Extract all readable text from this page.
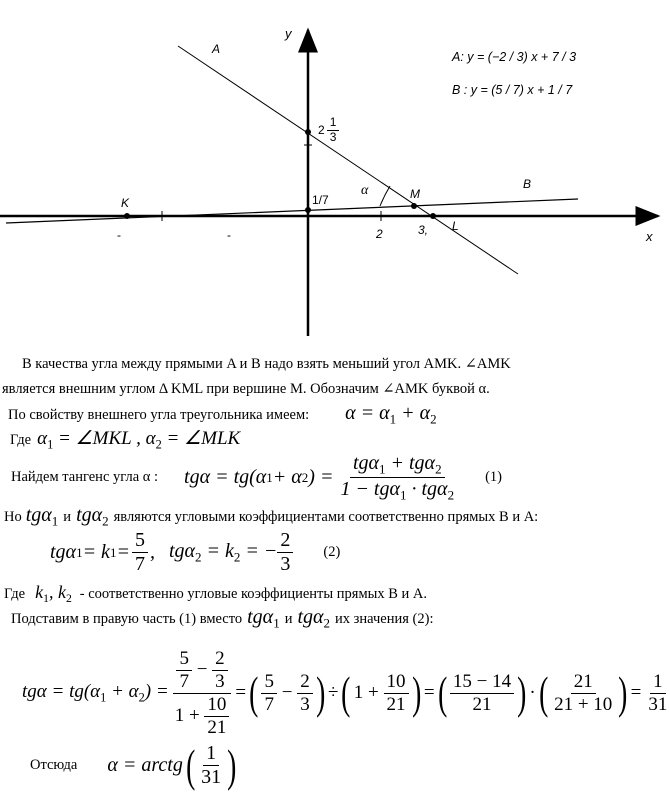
y
x
A
B
A: y = (−2 / 3) x + 7 / 3
B : y = (5 / 7) x + 1 / 7
K
M
L
α
1/7
$2 \frac{1}{3}$
2	3,
-	-
В качества угла между прямыми A и B надо взять меньший угол AMK. ∠AMK
является внешним углом Δ KML при вершине M. Обозначим ∠AMK буквой α.
По свойству внешнего угла треугольника имеем: $\alpha = \alpha_1 + \alpha_2$
Где $\alpha_1$ = ∠MKL , $\alpha_2$ = ∠MLK
Найдем тангенс угла α : tgα = tg(α 1 + α 2 ) = $\frac{tg\alpha_1 + tg\alpha_2}{1 - tg\alpha_1 \cdot tg\alpha_2} (1)$
Но tgα$_1$ и tgα$_2$ являются угловыми коэффициентами соответственно прямых B и A:
tgα 1 = k $1 = \frac{5}{7}$ , $tg\alpha_2 = k_2$ = − $\frac{2}{3} (2)$
Где $k_1$, $k_2$ - соответственно угловые коэффициенты прямых B и A.
Подставим в правую часть (1) вместо tgα$_1$ и tgα$_2$ их значения (2):
$tg\alpha = tg(\alpha_1 + \alpha_2) = \frac{\frac{5}{7} - \frac{2}{3}}{1 + \frac{10}{21}}$ = ( $\frac{5}{7} - \frac{2}{3}$ ) ÷ ( $1 + \frac{10}{21}$ ) = ( $\frac{15 - 14}{21}$ ) · ( $\frac{21}{21 + 10}$ ) = $\frac{1}{31}$
Отсюда α = arctg ( $\frac{1}{31}$ )
